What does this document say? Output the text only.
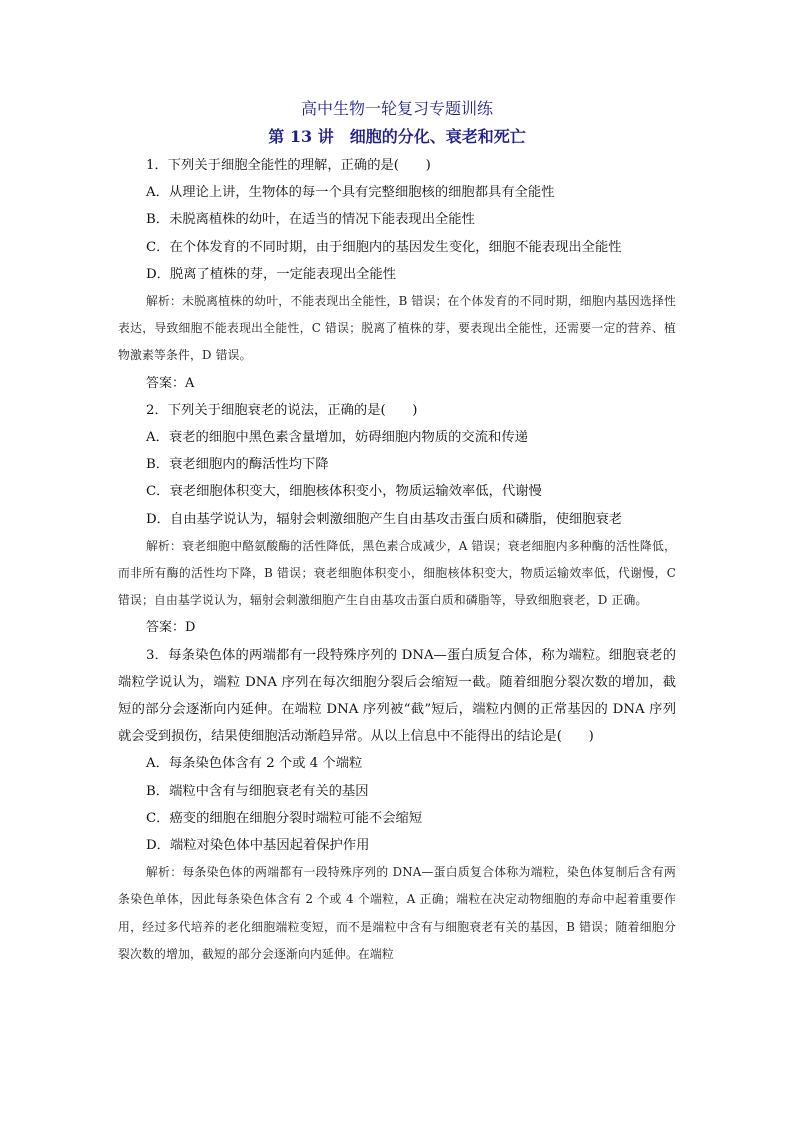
高中生物一轮复习专题训练
第 13 讲　细胞的分化、衰老和死亡
1．下列关于细胞全能性的理解，正确的是(　　)
A．从理论上讲，生物体的每一个具有完整细胞核的细胞都具有全能性
B．未脱离植株的幼叶，在适当的情况下能表现出全能性
C．在个体发育的不同时期，由于细胞内的基因发生变化，细胞不能表现出全能性
D．脱离了植株的芽，一定能表现出全能性
解析：未脱离植株的幼叶，不能表现出全能性，B 错误；在个体发育的不同时期，细胞内基因选择性表达，导致细胞不能表现出全能性，C 错误；脱离了植株的芽，要表现出全能性，还需要一定的营养、植物激素等条件，D 错误。
答案：A
2．下列关于细胞衰老的说法，正确的是(　　)
A．衰老的细胞中黑色素含量增加，妨碍细胞内物质的交流和传递
B．衰老细胞内的酶活性均下降
C．衰老细胞体积变大，细胞核体积变小，物质运输效率低，代谢慢
D．自由基学说认为，辐射会刺激细胞产生自由基攻击蛋白质和磷脂，使细胞衰老
解析：衰老细胞中酪氨酸酶的活性降低，黑色素合成减少，A 错误；衰老细胞内多种酶的活性降低，而非所有酶的活性均下降，B 错误；衰老细胞体积变小，细胞核体积变大，物质运输效率低，代谢慢，C 错误；自由基学说认为，辐射会刺激细胞产生自由基攻击蛋白质和磷脂等，导致细胞衰老，D 正确。
答案：D
3．每条染色体的两端都有一段特殊序列的 DNA—蛋白质复合体，称为端粒。细胞衰老的端粒学说认为，端粒 DNA 序列在每次细胞分裂后会缩短一截。随着细胞分裂次数的增加，截短的部分会逐渐向内延伸。在端粒 DNA 序列被“截”短后，端粒内侧的正常基因的 DNA 序列就会受到损伤，结果使细胞活动渐趋异常。从以上信息中不能得出的结论是(　　)
A．每条染色体含有 2 个或 4 个端粒
B．端粒中含有与细胞衰老有关的基因
C．癌变的细胞在细胞分裂时端粒可能不会缩短
D．端粒对染色体中基因起着保护作用
解析：每条染色体的两端都有一段特殊序列的 DNA—蛋白质复合体称为端粒，染色体复制后含有两条染色单体，因此每条染色体含有 2 个或 4 个端粒，A 正确；端粒在决定动物细胞的寿命中起着重要作用，经过多代培养的老化细胞端粒变短，而不是端粒中含有与细胞衰老有关的基因，B 错误；随着细胞分裂次数的增加，截短的部分会逐渐向内延伸。在端粒
